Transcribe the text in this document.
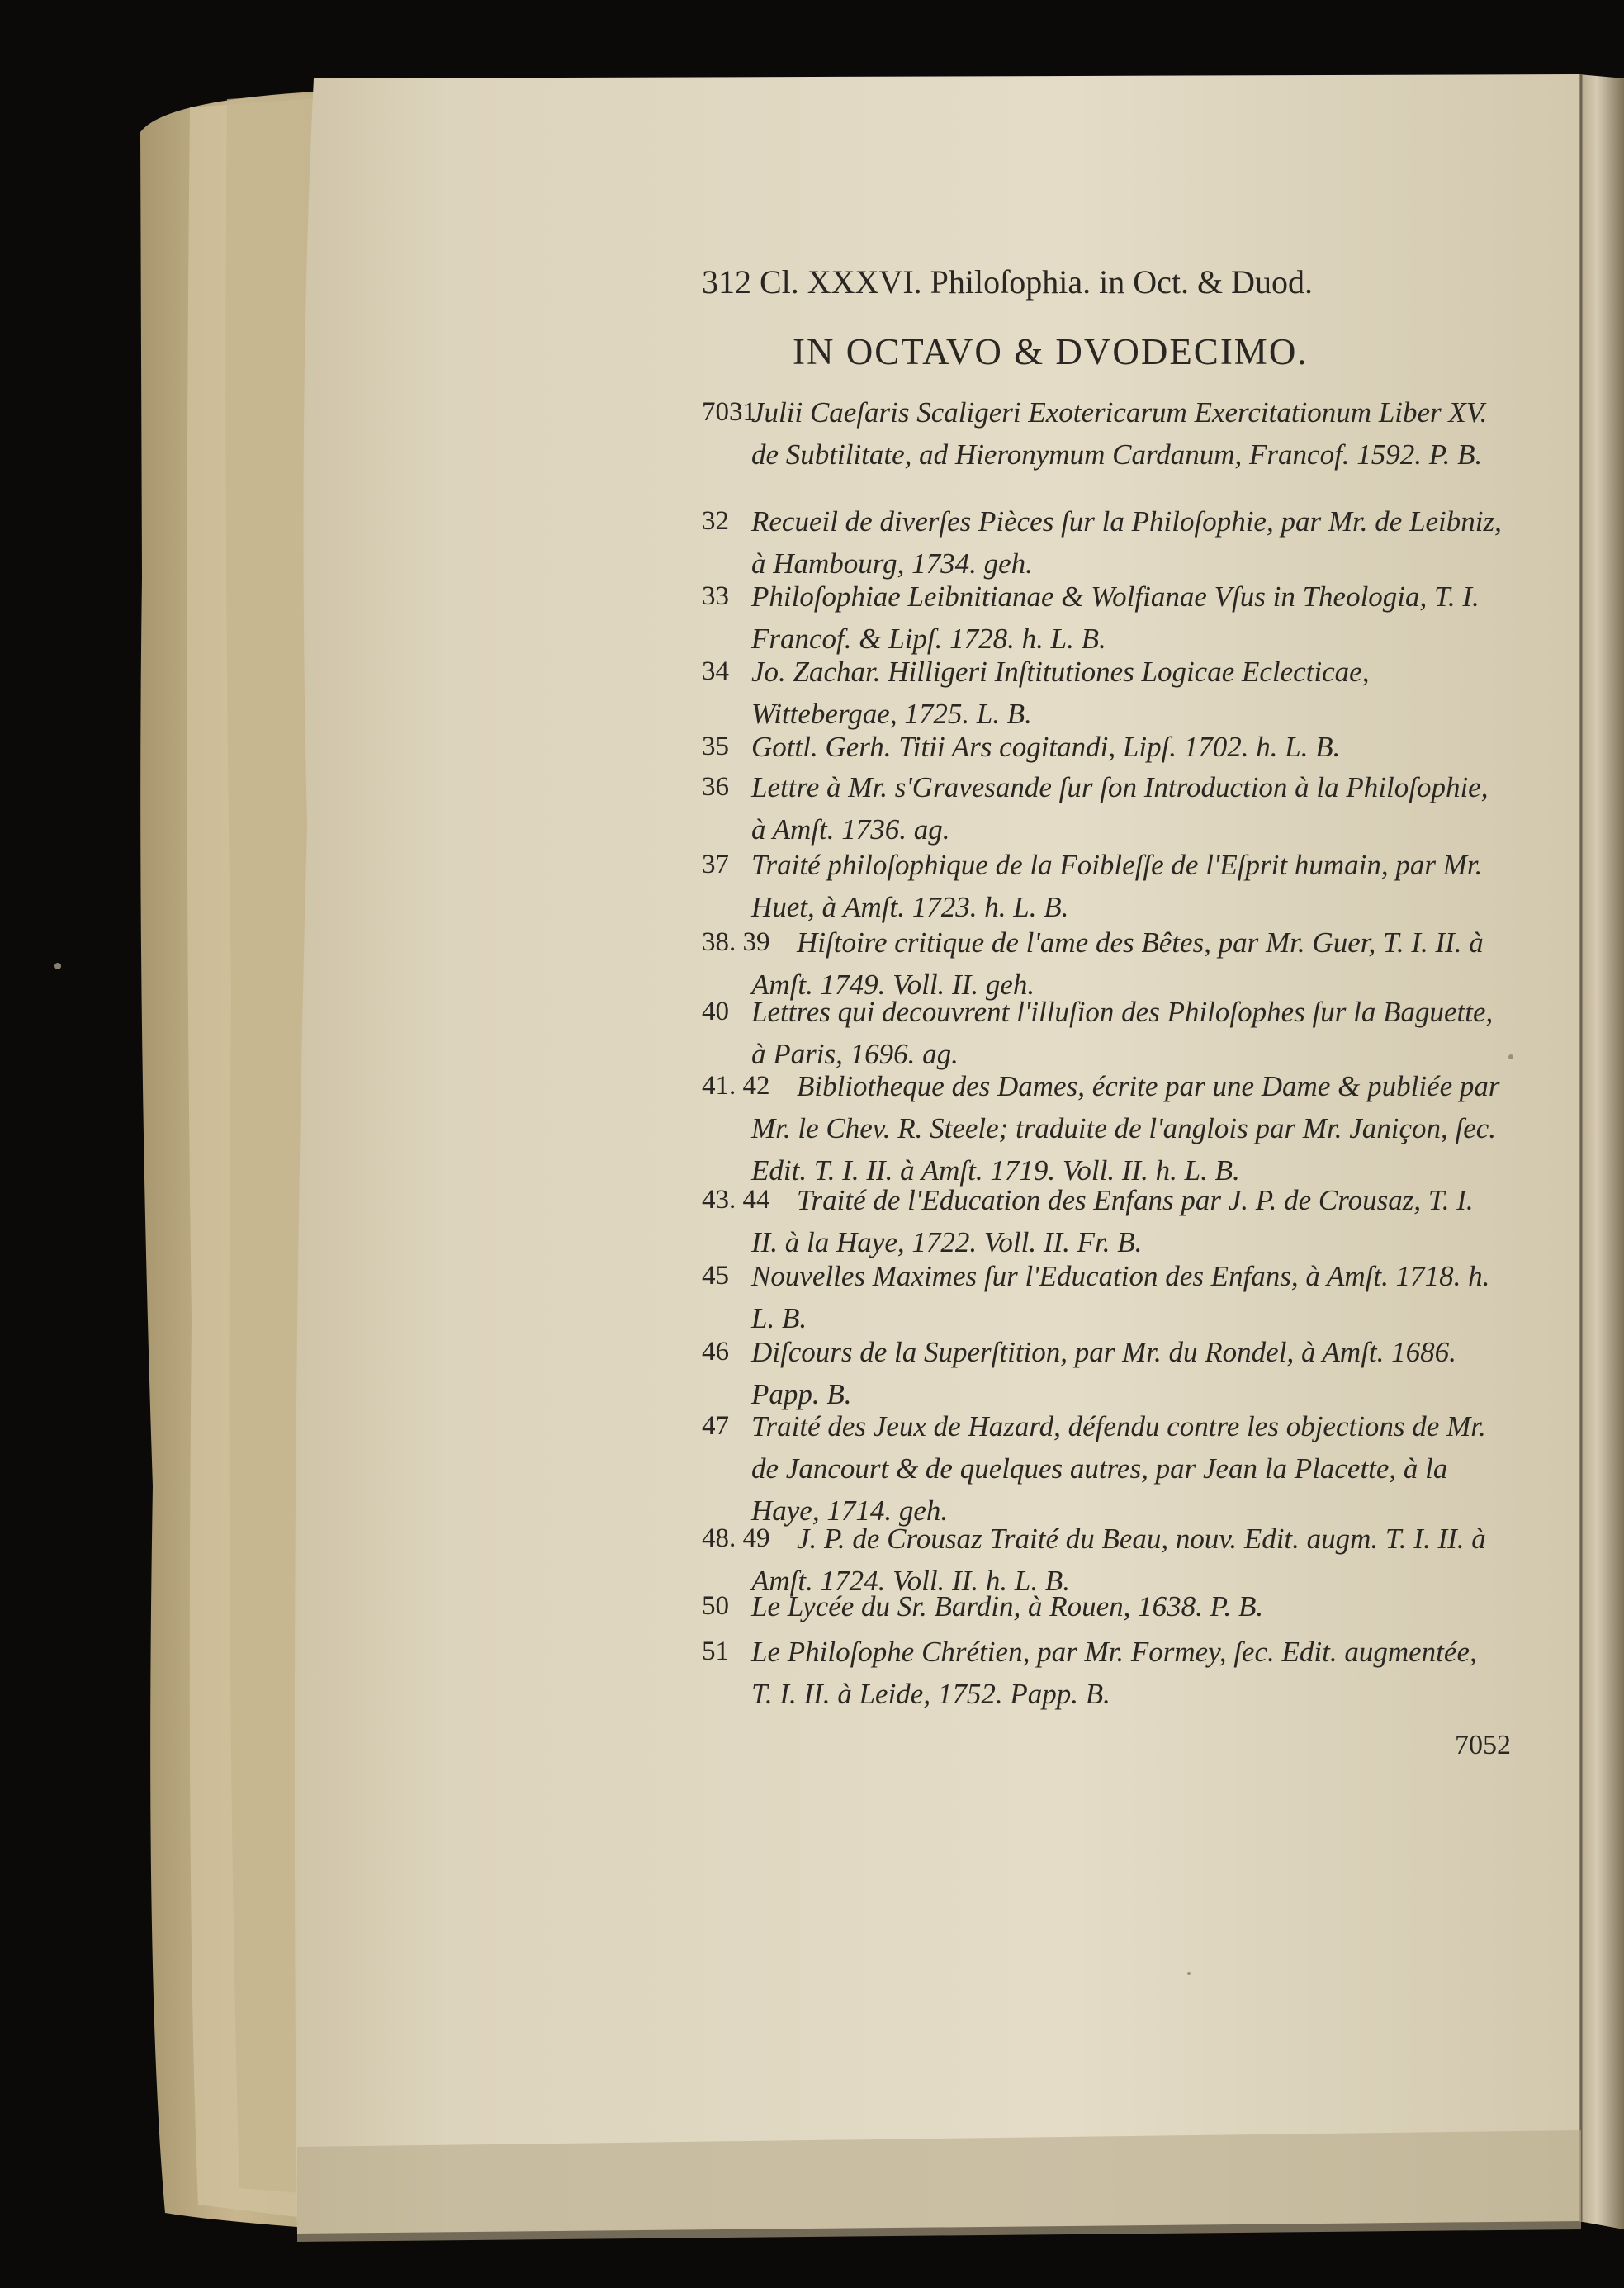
312 Cl. XXXVI. Philoſophia. in Oct. & Duod.
IN OCTAVO & DVODECIMO.
7031
Julii Caeſaris Scaligeri Exotericarum Exercitationum Liber XV. de Subtilitate, ad Hieronymum Cardanum, Francof. 1592. P. B.
32 Recueil de diverſes Pièces ſur la Philoſophie, par Mr. de Leibniz, à Hambourg, 1734. geh.
33 Philoſophiae Leibnitianae & Wolfianae Vſus in Theologia, T. I. Francof. & Lipſ. 1728. h. L. B.
34 Jo. Zachar. Hilligeri Inſtitutiones Logicae Eclecticae, Wittebergae, 1725. L. B.
35 Gottl. Gerh. Titii Ars cogitandi, Lipſ. 1702. h. L. B.
36 Lettre à Mr. s'Gravesande ſur ſon Introduction à la Philoſophie, à Amſt. 1736. ag.
37 Traité philoſophique de la Foibleſſe de l'Eſprit humain, par Mr. Huet, à Amſt. 1723. h. L. B.
38. 39 Hiſtoire critique de l'ame des Bêtes, par Mr. Guer, T. I. II. à Amſt. 1749. Voll. II. geh.
40 Lettres qui decouvrent l'illuſion des Philoſophes ſur la Baguette, à Paris, 1696. ag.
41. 42 Bibliotheque des Dames, écrite par une Dame & publiée par Mr. le Chev. R. Steele; traduite de l'anglois par Mr. Janiçon, ſec. Edit. T. I. II. à Amſt. 1719. Voll. II. h. L. B.
43. 44 Traité de l'Education des Enfans par J. P. de Crousaz, T. I. II. à la Haye, 1722. Voll. II. Fr. B.
45 Nouvelles Maximes ſur l'Education des Enfans, à Amſt. 1718. h. L. B.
46 Diſcours de la Superſtition, par Mr. du Rondel, à Amſt. 1686. Papp. B.
47 Traité des Jeux de Hazard, défendu contre les objections de Mr. de Jancourt & de quelques autres, par Jean la Placette, à la Haye, 1714. geh.
48. 49 J. P. de Crousaz Traité du Beau, nouv. Edit. augm. T. I. II. à Amſt. 1724. Voll. II. h. L. B.
50 Le Lycée du Sr. Bardin, à Rouen, 1638. P. B.
51 Le Philoſophe Chrétien, par Mr. Formey, ſec. Edit. augmentée, T. I. II. à Leide, 1752. Papp. B.
7052
